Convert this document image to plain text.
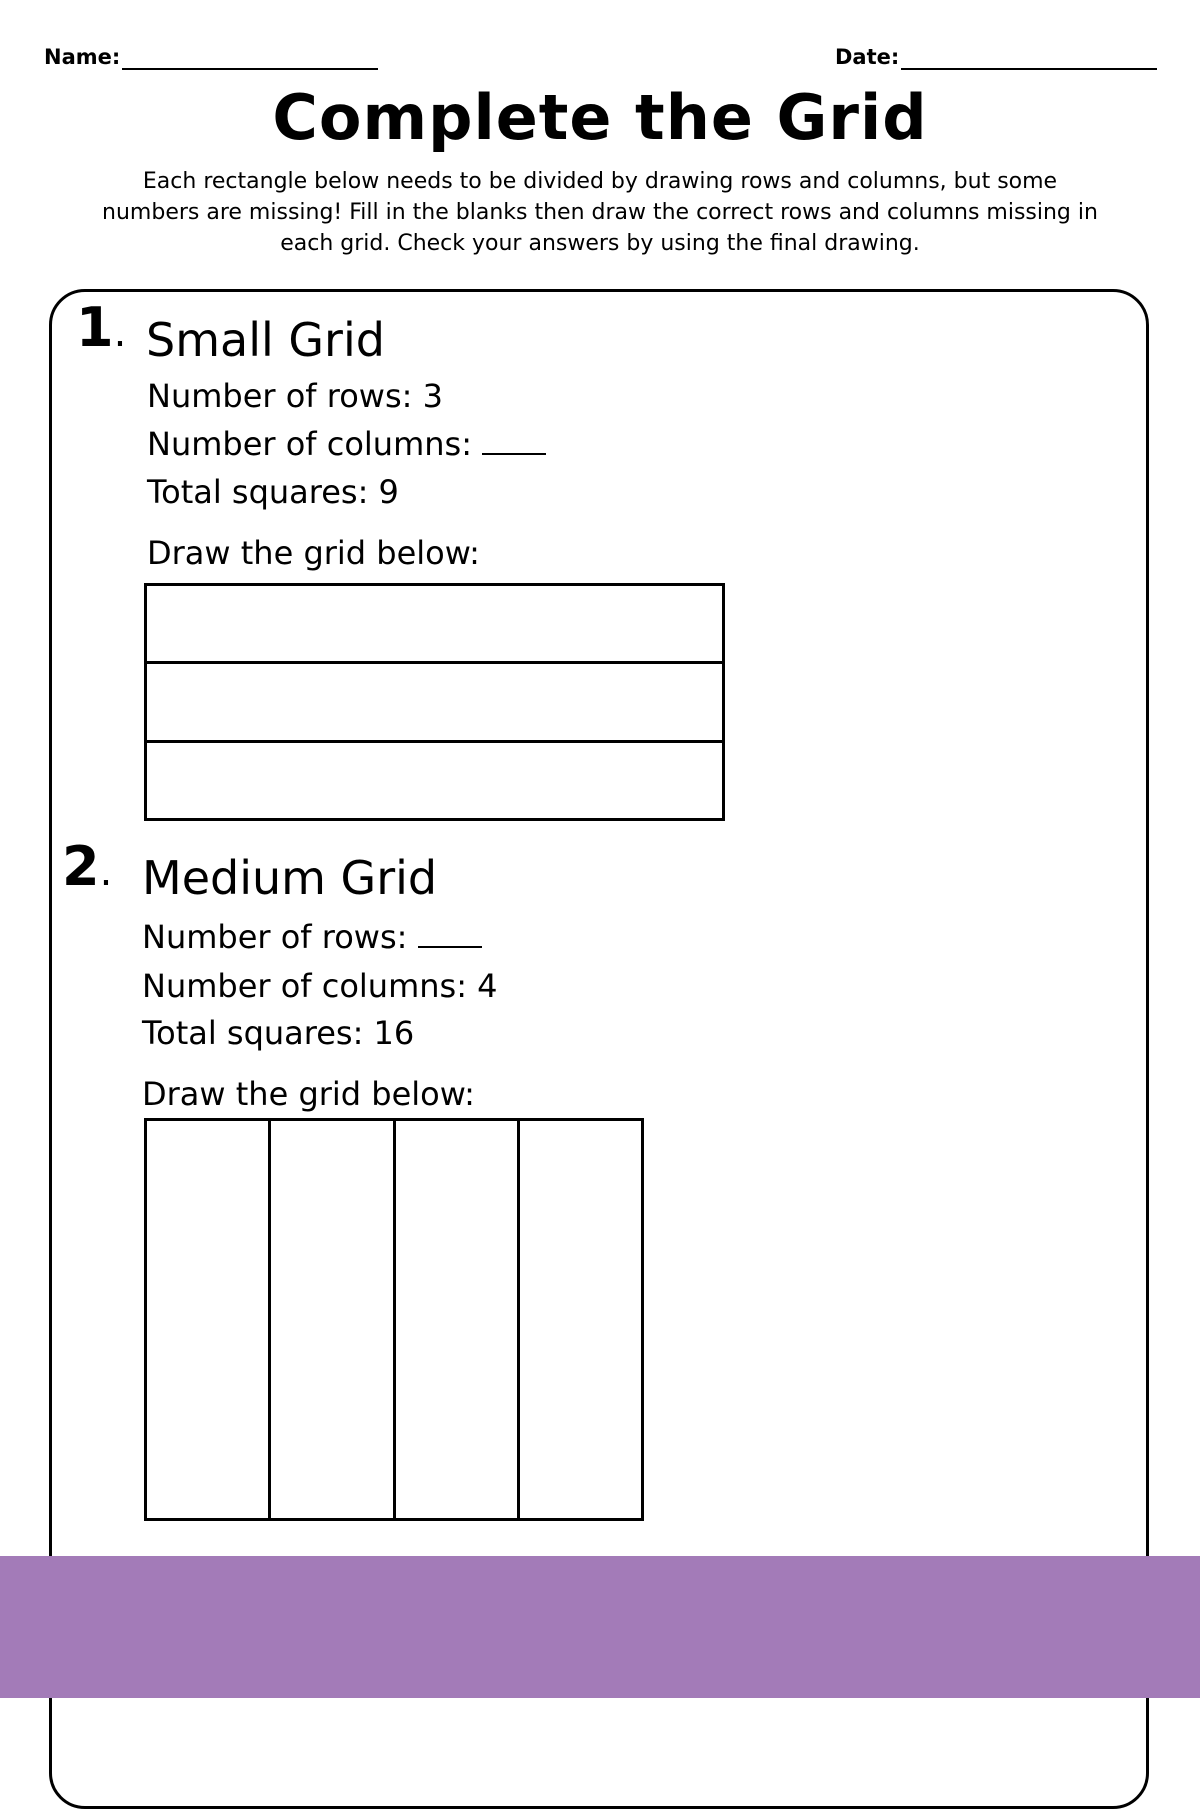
Name:	Date:
Complete the Grid
Each rectangle below needs to be divided by drawing rows and columns, but some numbers are missing! Fill in the blanks then draw the correct rows and columns missing in each grid. Check your answers by using the final drawing.
1. Small Grid
Number of rows: 3
Number of columns:
Total squares: 9
Draw the grid below:
2. Medium Grid
Number of rows:
Number of columns: 4
Total squares: 16
Draw the grid below:
